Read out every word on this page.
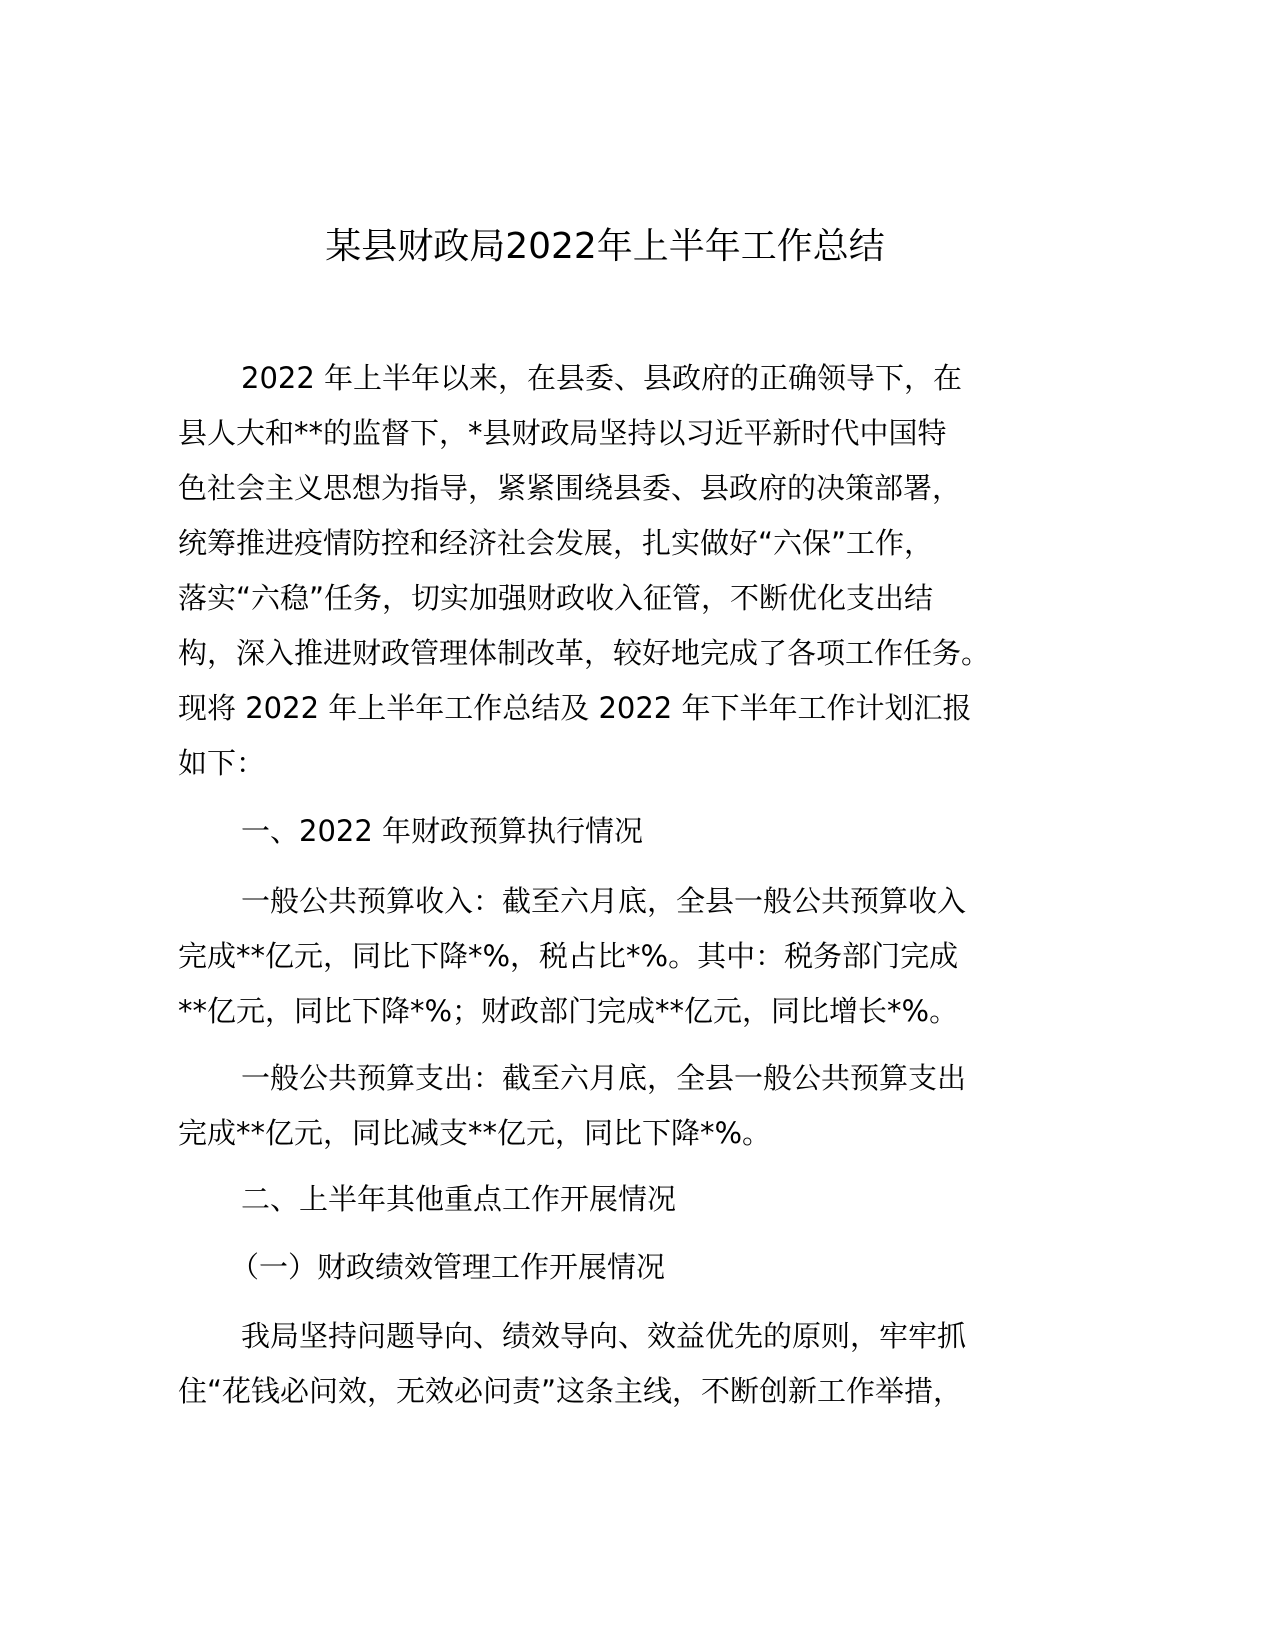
某县财政局2022年上半年工作总结
2022 年上半年以来，在县委、县政府的正确领导下，在
县人大和**的监督下，*县财政局坚持以习近平新时代中国特
色社会主义思想为指导，紧紧围绕县委、县政府的决策部署，
统筹推进疫情防控和经济社会发展，扎实做好“六保”工作，
落实“六稳”任务，切实加强财政收入征管，不断优化支出结
构，深入推进财政管理体制改革，较好地完成了各项工作任务。
现将 2022 年上半年工作总结及 2022 年下半年工作计划汇报
如下：
一、2022 年财政预算执行情况
一般公共预算收入：截至六月底，全县一般公共预算收入
完成**亿元，同比下降*%，税占比*%。其中：税务部门完成
**亿元，同比下降*%；财政部门完成**亿元，同比增长*%。
一般公共预算支出：截至六月底，全县一般公共预算支出
完成**亿元，同比减支**亿元，同比下降*%。
二、上半年其他重点工作开展情况
（一）财政绩效管理工作开展情况
我局坚持问题导向、绩效导向、效益优先的原则，牢牢抓
住“花钱必问效，无效必问责”这条主线，不断创新工作举措，
